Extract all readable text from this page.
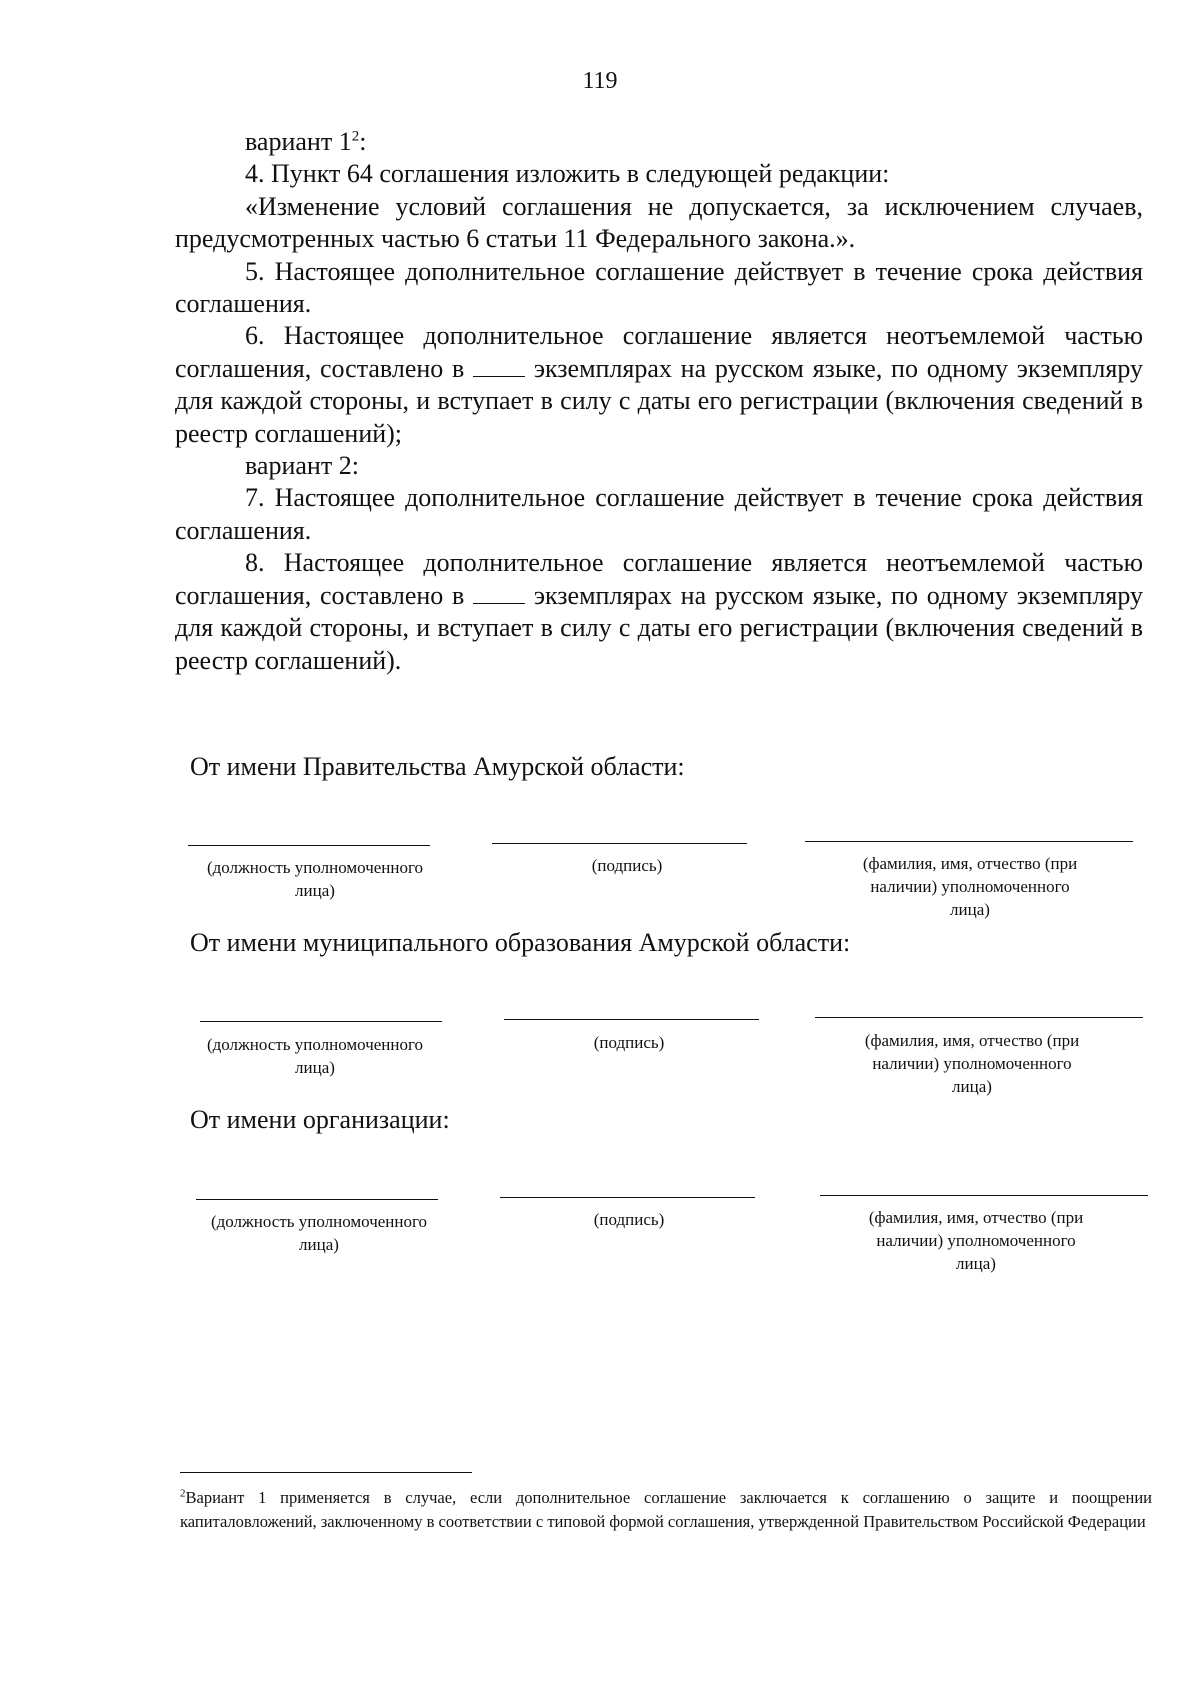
119

вариант $1^2$:

4. Пункт 64 соглашения изложить в следующей редакции:

«Изменение условий соглашения не допускается, за исключением случаев, предусмотренных частью 6 статьи 11 Федерального закона.».

5. Настоящее дополнительное соглашение действует в течение срока действия соглашения.

6. Настоящее дополнительное соглашение является неотъемлемой частью соглашения, составлено в	экземплярах на русском языке, по одному экземпляру для каждой стороны, и вступает в силу с даты его регистрации (включения сведений в реестр соглашений);

вариант 2:

7. Настоящее дополнительное соглашение действует в течение срока действия соглашения.

8. Настоящее дополнительное соглашение является неотъемлемой частью соглашения, составлено в	экземплярах на русском языке, по одному экземпляру для каждой стороны, и вступает в силу с даты его регистрации (включения сведений в реестр соглашений).

От имени Правительства Амурской области:
(должность уполномоченного лица)
(подпись)	(фамилия, имя, отчество (при наличии) уполномоченного лица)
От имени муниципального образования Амурской области:
(должность уполномоченного лица)
(подпись)	(фамилия, имя, отчество (при наличии) уполномоченного лица)
От имени организации:
(должность уполномоченного лица)
(подпись)	(фамилия, имя, отчество (при наличии) уполномоченного лица)
$^2$Вариант 1 применяется в случае, если дополнительное соглашение заключается к соглашению о защите и поощрении капиталовложений, заключенному в соответствии с типовой формой соглашения, утвержденной Правительством Российской Федерации
